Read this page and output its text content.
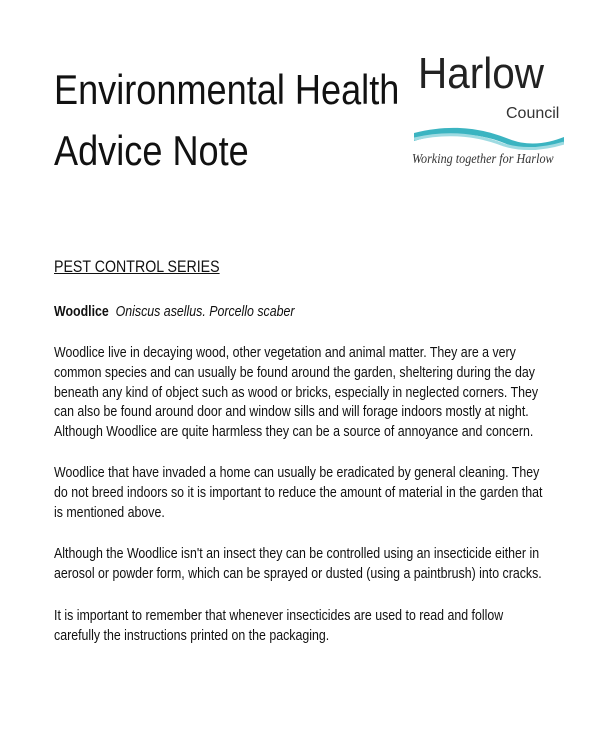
Environmental Health
Advice Note
Harlow
Council
Working together for Harlow
PEST CONTROL SERIES
Woodlice Oniscus asellus. Porcello scaber
Woodlice live in decaying wood, other vegetation and animal matter. They are a very
common species and can usually be found around the garden, sheltering during the day
beneath any kind of object such as wood or bricks, especially in neglected corners. They
can also be found around door and window sills and will forage indoors mostly at night.
Although Woodlice are quite harmless they can be a source of annoyance and concern.
Woodlice that have invaded a home can usually be eradicated by general cleaning. They
do not breed indoors so it is important to reduce the amount of material in the garden that
is mentioned above.
Although the Woodlice isn't an insect they can be controlled using an insecticide either in
aerosol or powder form, which can be sprayed or dusted (using a paintbrush) into cracks.
It is important to remember that whenever insecticides are used to read and follow
carefully the instructions printed on the packaging.
